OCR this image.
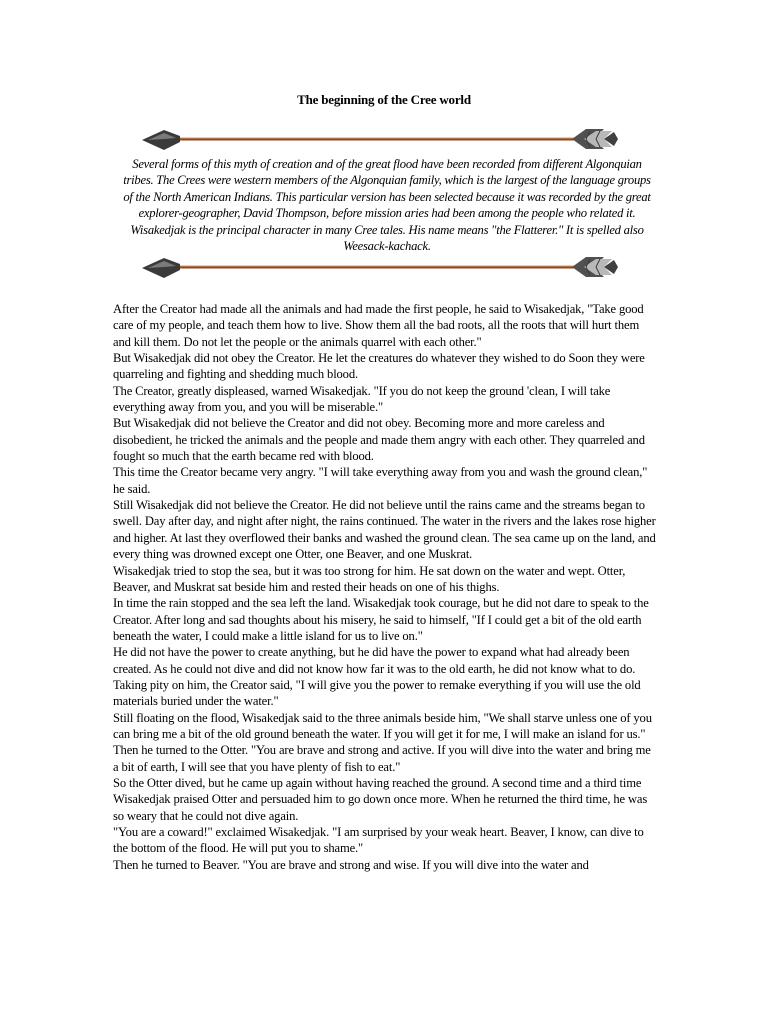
The beginning of the Cree world
Several forms of this myth of creation and of the great flood have been recorded from different Algonquian tribes. The Crees were western members of the Algonquian family, which is the largest of the language groups of the North American Indians. This particular version has been selected because it was recorded by the great explorer-geographer, David Thompson, before mission aries had been among the people who related it. Wisakedjak is the principal character in many Cree tales. His name means "the Flatterer." It is spelled also Weesack-kachack.

After the Creator had made all the animals and had made the first people, he said to Wisakedjak, "Take good care of my people, and teach them how to live. Show them all the bad roots, all the roots that will hurt them and kill them. Do not let the people or the animals quarrel with each other."

But Wisakedjak did not obey the Creator. He let the creatures do whatever they wished to do Soon they were quarreling and fighting and shedding much blood.

The Creator, greatly displeased, warned Wisakedjak. "If you do not keep the ground 'clean, I will take everything away from you, and you will be miserable."

But Wisakedjak did not believe the Creator and did not obey. Becoming more and more careless and disobedient, he tricked the animals and the people and made them angry with each other. They quarreled and fought so much that the earth became red with blood.

This time the Creator became very angry. "I will take everything away from you and wash the ground clean," he said.

Still Wisakedjak did not believe the Creator. He did not believe until the rains came and the streams began to swell. Day after day, and night after night, the rains continued. The water in the rivers and the lakes rose higher and higher. At last they overflowed their banks and washed the ground clean. The sea came up on the land, and every thing was drowned except one Otter, one Beaver, and one Muskrat.

Wisakedjak tried to stop the sea, but it was too strong for him. He sat down on the water and wept. Otter, Beaver, and Muskrat sat beside him and rested their heads on one of his thighs.

In time the rain stopped and the sea left the land. Wisakedjak took courage, but he did not dare to speak to the Creator. After long and sad thoughts about his misery, he said to himself, "If I could get a bit of the old earth beneath the water, I could make a little island for us to live on."

He did not have the power to create anything, but he did have the power to expand what had already been created. As he could not dive and did not know how far it was to the old earth, he did not know what to do. Taking pity on him, the Creator said, "I will give you the power to remake everything if you will use the old materials buried under the water."

Still floating on the flood, Wisakedjak said to the three animals beside him, "We shall starve unless one of you can bring me a bit of the old ground beneath the water. If you will get it for me, I will make an island for us."

Then he turned to the Otter. "You are brave and strong and active. If you will dive into the water and bring me a bit of earth, I will see that you have plenty of fish to eat."

So the Otter dived, but he came up again without having reached the ground. A second time and a third time Wisakedjak praised Otter and persuaded him to go down once more. When he returned the third time, he was so weary that he could not dive again.

"You are a coward!" exclaimed Wisakedjak. "I am surprised by your weak heart. Beaver, I know, can dive to the bottom of the flood. He will put you to shame."

Then he turned to Beaver. "You are brave and strong and wise. If you will dive into the water and
